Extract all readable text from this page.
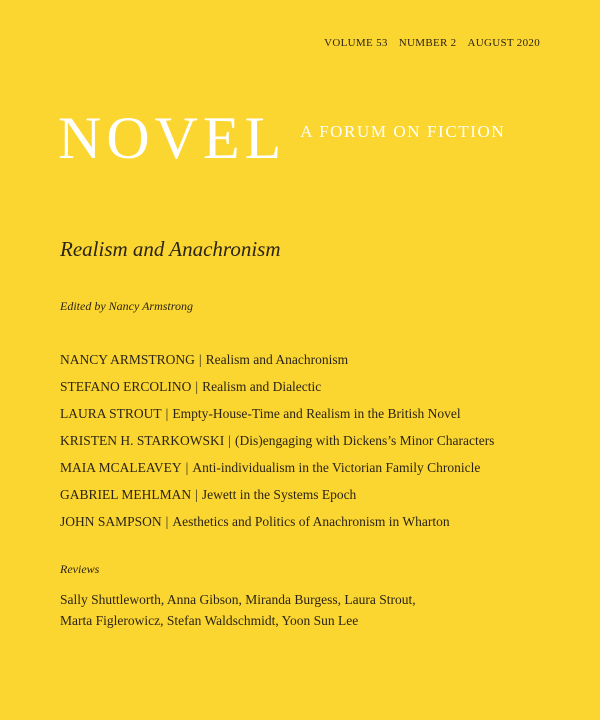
VOLUME 53 NUMBER 2 AUGUST 2020
NOVEL A FORUM ON FICTION
Realism and Anachronism
Edited by Nancy Armstrong
NANCY ARMSTRONG | Realism and Anachronism
STEFANO ERCOLINO | Realism and Dialectic
LAURA STROUT | Empty-House-Time and Realism in the British Novel
KRISTEN H. STARKOWSKI | (Dis)engaging with Dickens’s Minor Characters
MAIA MCALEAVEY | Anti-individualism in the Victorian Family Chronicle
GABRIEL MEHLMAN | Jewett in the Systems Epoch
JOHN SAMPSON | Aesthetics and Politics of Anachronism in Wharton
Reviews
Sally Shuttleworth, Anna Gibson, Miranda Burgess, Laura Strout,
Marta Figlerowicz, Stefan Waldschmidt, Yoon Sun Lee
